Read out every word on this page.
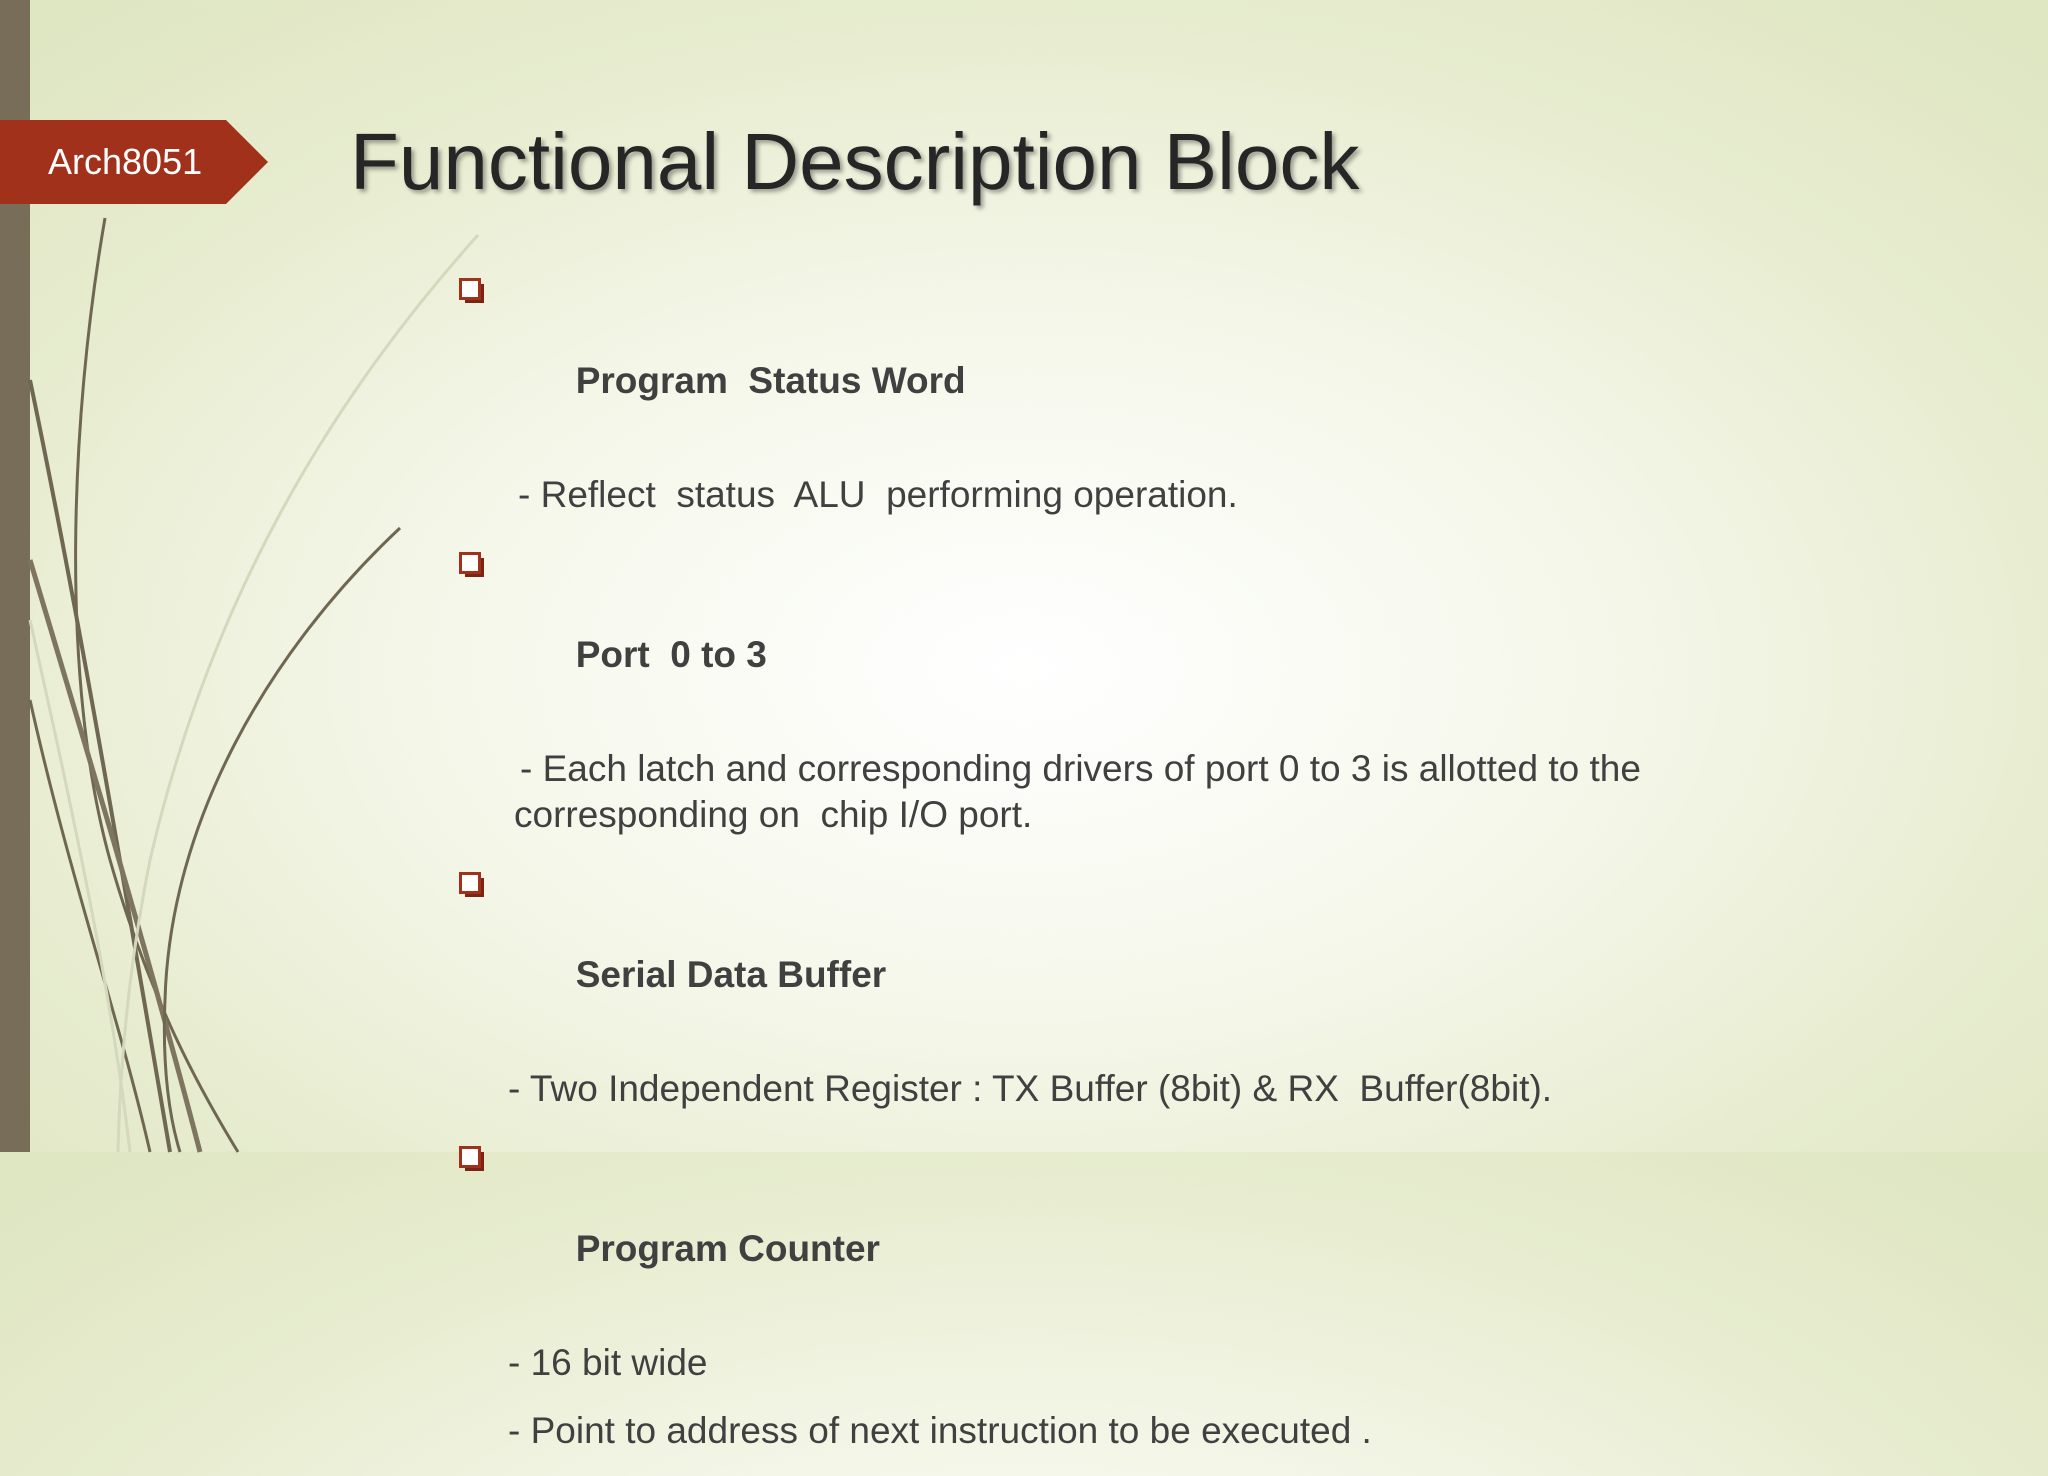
Arch8051 Functional Description Block

Program  Status Word

- Reflect  status  ALU  performing operation.

Port  0 to 3

- Each latch and corresponding drivers of port 0 to 3 is allotted to the
corresponding on  chip I/O port.

Serial Data Buffer

- Two Independent Register : TX Buffer (8bit) & RX  Buffer(8bit).

Program Counter

- 16 bit wide
- Point to address of next instruction to be executed .
